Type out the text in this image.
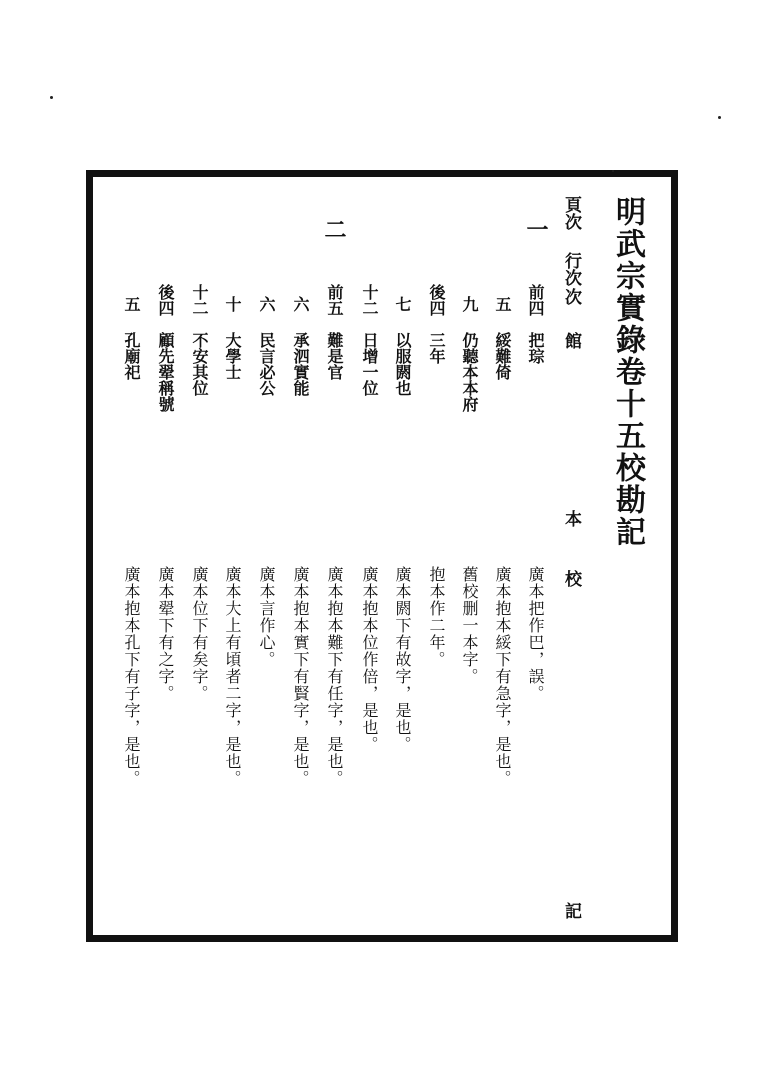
明武宗實錄卷十五校勘記
頁次
行次
次
館
本
校
記
一
二
前四
把琮
廣本把作巴，誤。
五
綏難倚
廣本抱本綏下有急字，是也。
九
仍聽本本府
舊校删一本字。
後四
三年
抱本作二年。
七
以服閼也
廣本閼下有故字，是也。
十二
日增一位
廣本抱本位作倍，是也。
前五
難是官
廣本抱本難下有任字，是也。
六
承泗實能
廣本抱本實下有賢字，是也。
六
民言必公
廣本言作心。
十
大學士
廣本大上有頃者二字，是也。
十二
不安其位
廣本位下有矣字。
後四
顧先翚稱號
廣本翚下有之字。
五
孔廟祀
廣本抱本孔下有子字，是也。
